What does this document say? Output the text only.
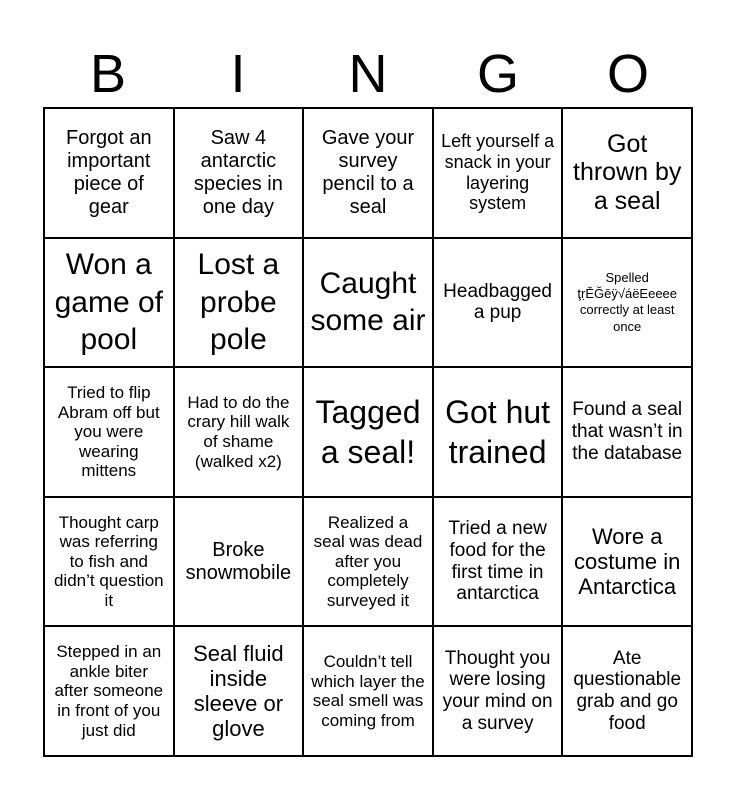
B	I	N	G	O
Forgot an important piece of gear
Saw 4 antarctic species in one day
Gave your survey pencil to a seal
Left yourself a snack in your layering system
Got thrown by a seal
Won a game of pool
Lost a probe pole
Caught some air
Headbagged a pup
Spelled ţṛĔĞēÿ√áëEeeee correctly at least once
Tried to flip Abram off but you were wearing mittens
Had to do the crary hill walk of shame (walked x2)
Tagged a seal!
Got hut trained
Found a seal that wasn’t in the database
Thought carp was referring to fish and didn’t question it
Broke snowmobile
Realized a seal was dead after you completely surveyed it
Tried a new food for the first time in antarctica
Wore a costume in Antarctica
Stepped in an ankle biter after someone in front of you just did
Seal fluid inside sleeve or glove
Couldn’t tell which layer the seal smell was coming from
Thought you were losing your mind on a survey
Ate questionable grab and go food
